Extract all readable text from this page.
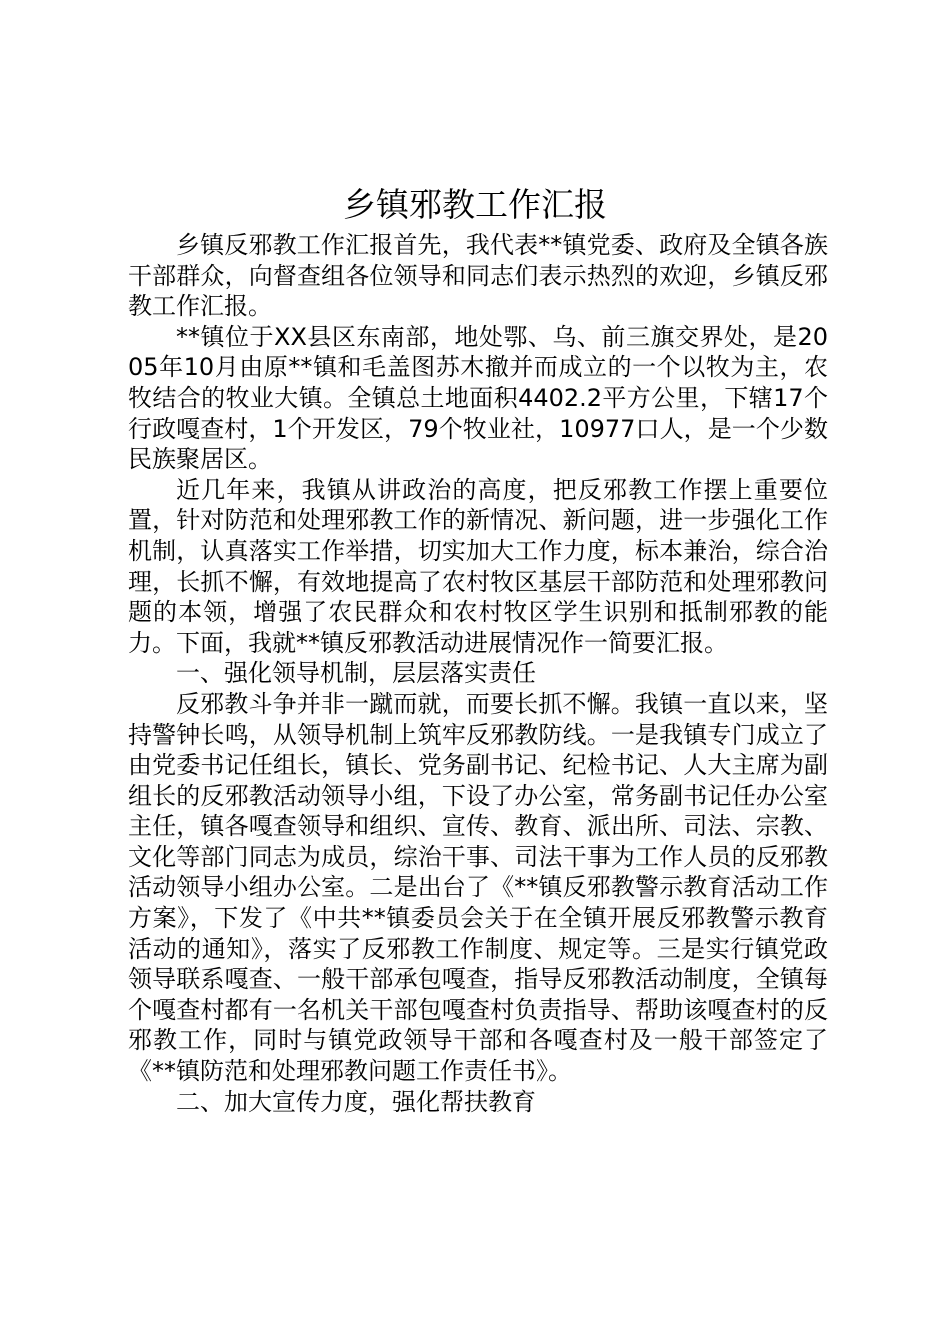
乡镇邪教工作汇报

乡镇反邪教工作汇报首先，我代表**镇党委、政府及全镇各族干部群众，向督查组各位领导和同志们表示热烈的欢迎，乡镇反邪教工作汇报。

**镇位于XX县区东南部，地处鄂、乌、前三旗交界处，是2005年10月由原**镇和毛盖图苏木撤并而成立的一个以牧为主，农牧结合的牧业大镇。全镇总土地面积4402.2平方公里，下辖17个行政嘎查村，1个开发区，79个牧业社，10977口人，是一个少数民族聚居区。

近几年来，我镇从讲政治的高度，把反邪教工作摆上重要位置，针对防范和处理邪教工作的新情况、新问题，进一步强化工作机制，认真落实工作举措，切实加大工作力度，标本兼治，综合治理，长抓不懈，有效地提高了农村牧区基层干部防范和处理邪教问题的本领，增强了农民群众和农村牧区学生识别和抵制邪教的能力。下面，我就**镇反邪教活动进展情况作一简要汇报。

一、强化领导机制，层层落实责任

反邪教斗争并非一蹴而就，而要长抓不懈。我镇一直以来，坚持警钟长鸣，从领导机制上筑牢反邪教防线。一是我镇专门成立了由党委书记任组长，镇长、党务副书记、纪检书记、人大主席为副组长的反邪教活动领导小组，下设了办公室，常务副书记任办公室主任，镇各嘎查领导和组织、宣传、教育、派出所、司法、宗教、文化等部门同志为成员，综治干事、司法干事为工作人员的反邪教活动领导小组办公室。二是出台了《**镇反邪教警示教育活动工作方案》，下发了《中共**镇委员会关于在全镇开展反邪教警示教育活动的通知》，落实了反邪教工作制度、规定等。三是实行镇党政领导联系嘎查、一般干部承包嘎查，指导反邪教活动制度，全镇每个嘎查村都有一名机关干部包嘎查村负责指导、帮助该嘎查村的反邪教工作，同时与镇党政领导干部和各嘎查村及一般干部签定了《**镇防范和处理邪教问题工作责任书》。

二、加大宣传力度，强化帮扶教育
